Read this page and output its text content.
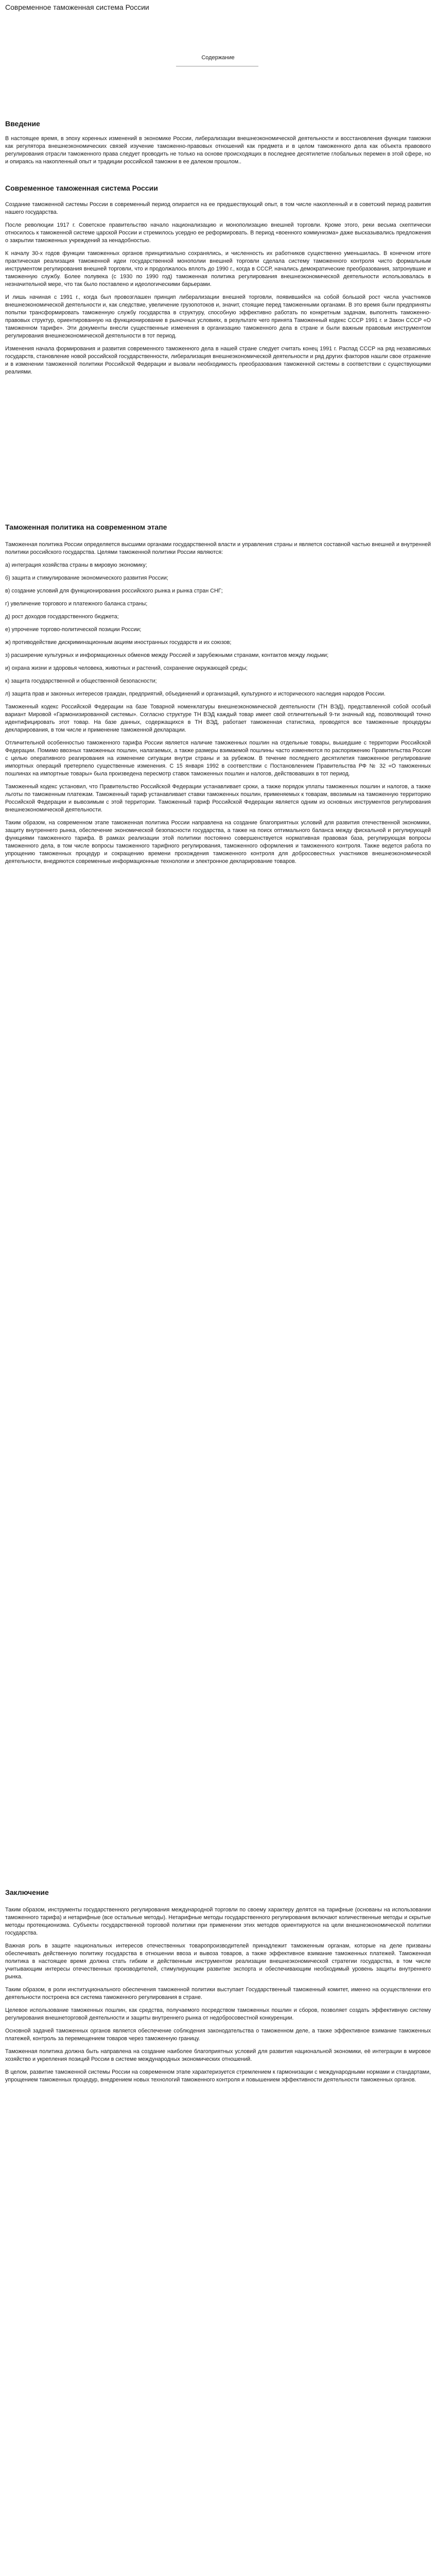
Современное таможенная система России
Содержание
Введение

В настоящее время, в эпоху коренных изменений в экономике России, либерализации внешнеэкономической деятельности и восстановления функции таможни как регулятора внешнеэкономических связей изучение таможенно-правовых отношений как предмета и в целом таможенного дела как объекта правового регулирования отрасли таможенного права следует проводить не только на основе происходящих в последнее десятилетие глобальных перемен в этой сфере, но и опираясь на накопленный опыт и традиции российской таможни в ее далеком прошлом..

Современное таможенная система России

Создание таможенной системы России в современный период опирается на ее предшествующий опыт, в том числе накопленный и в советский период развития нашего государства.

После революции 1917 г. Советское правительство начало национализацию и монополизацию внешней торговли. Кроме этого, реки весьма скептически относилось к таможенной системе царской России и стремилось усердно ее реформировать. В период «военного коммунизма» даже высказывались предложения о закрытии таможенных учреждений за ненадобностью.

К началу 30-х годов функции таможенных органов принципиально сохранялись, и численность их работников существенно уменьшилась. В конечном итоге практическая реализация таможенной идеи государственной монополии внешней торговли сделала систему таможенного контроля чисто формальным инструментом регулирования внешней торговли, что и продолжалось вплоть до 1990 г., когда в СССР, начались демократические преобразования, затронувшие и таможенную службу. Более полувека (с 1930 по 1990 год) таможенная политика регулирования внешнеэкономической деятельности использовалась в незначительной мере, что так было поставлено и идеологическими барьерами.

И лишь начиная с 1991 г., когда был провозглашен принцип либерализации внешней торговли, появившийся на собой большой рост числа участников внешнеэкономической деятельности и, как следствие, увеличение грузопотоков и, значит, стоящие перед таможенными органами. В это время были предприняты попытки трансформировать таможенную службу государства в структуру, способную эффективно работать по конкретным задачам, выполнять таможенно-правовых структур, ориентированную на функционирование в рыночных условиях, в результате чего принята Таможенный кодекс СССР 1991 г. и Закон СССР «О таможенном тарифе». Эти документы внесли существенные изменения в организацию таможенного дела в стране и были важным правовым инструментом регулирования внешнеэкономической деятельности в тот период.

Изменения начала формирования и развития современного таможенного дела в нашей стране следует считать конец 1991 г. Распад СССР на ряд независимых государств, становление новой российской государственности, либерализация внешнеэкономической деятельности и ряд других факторов нашли свое отражение и в изменении таможенной политики Российской Федерации и вызвали необходимость преобразования таможенной системы в соответствии с существующими реалиями.

Таможенная политика на современном этапе

Таможенная политика России определяется высшими органами государственной власти и управления страны и является составной частью внешней и внутренней политики российского государства. Целями таможенной политики России являются:

а) интеграция хозяйства страны в мировую экономику;

б) защита и стимулирование экономического развития России;

в) создание условий для функционирования российского рынка и рынка стран СНГ;

г) увеличение торгового и платежного баланса страны;

д) рост доходов государственного бюджета;

е) упрочение торгово-политической позиции России;

ж) противодействие дискриминационным акциям иностранных государств и их союзов;

з) расширение культурных и информационных обменов между Россией и зарубежными странами, контактов между людьми;

и) охрана жизни и здоровья человека, животных и растений, сохранение окружающей среды;

к) защита государственной и общественной безопасности;

л) защита прав и законных интересов граждан, предприятий, объединений и организаций, культурного и исторического наследия народов России.

Таможенный кодекс Российской Федерации на базе Товарной номенклатуры внешнеэкономической деятельности (ТН ВЭД), представленной собой особый вариант Мировой «Гармонизированной системы». Согласно структуре ТН ВЭД каждый товар имеет свой отличительный 9-ти значный код, позволяющий точно идентифицировать этот товар. На базе данных, содержащихся в ТН ВЭД, работает таможенная статистика, проводятся все таможенные процедуры декларирования, в том числе и применение таможенной декларации.

Отличительной особенностью таможенного тарифа России является наличие таможенных пошлин на отдельные товары, вышедшие с территории Российской Федерации. Помимо ввозных таможенных пошлин, налагаемых, а также размеры взимаемой пошлины часто изменяются по распоряжению Правительства России с целью оперативного реагирования на изменение ситуации внутри страны и за рубежом. В течение последнего десятилетия таможенное регулирование импортных операций претерпело существенные изменения. С 15 января 1992 в соответствии с Постановлением Правительства РФ № 32 «О таможенных пошлинах на импортные товары» была произведена пересмотр ставок таможенных пошлин и налогов, действовавших в тот период.

Таможенный кодекс установил, что Правительство Российской Федерации устанавливает сроки, а также порядок уплаты таможенных пошлин и налогов, а также льготы по таможенным платежам. Таможенный тариф устанавливает ставки таможенных пошлин, применяемых к товарам, ввозимым на таможенную территорию Российской Федерации и вывозимым с этой территории. Таможенный тариф Российской Федерации является одним из основных инструментов регулирования внешнеэкономической деятельности.

Таким образом, на современном этапе таможенная политика России направлена на создание благоприятных условий для развития отечественной экономики, защиту внутреннего рынка, обеспечение экономической безопасности государства, а также на поиск оптимального баланса между фискальной и регулирующей функциями таможенного тарифа. В рамках реализации этой политики постоянно совершенствуется нормативная правовая база, регулирующая вопросы таможенного дела, в том числе вопросы таможенного тарифного регулирования, таможенного оформления и таможенного контроля. Также ведется работа по упрощению таможенных процедур и сокращению времени прохождения таможенного контроля для добросовестных участников внешнеэкономической деятельности, внедряются современные информационные технологии и электронное декларирование товаров.

Заключение

Таким образом, инструменты государственного регулирования международной торговли по своему характеру делятся на тарифные (основаны на использовании таможенного тарифа) и нетарифные (все остальные методы). Нетарифные методы государственного регулирования включают количественные методы и скрытые методы протекционизма. Субъекты государственной торговой политики при применении этих методов ориентируются на цели внешнеэкономической политики государства.

Важная роль в защите национальных интересов отечественных товаропроизводителей принадлежит таможенным органам, которые на деле призваны обеспечивать действенную политику государства в отношении ввоза и вывоза товаров, а также эффективное взимание таможенных платежей. Таможенная политика в настоящее время должна стать гибким и действенным инструментом реализации внешнеэкономической стратегии государства, в том числе учитывающим интересы отечественных производителей, стимулирующим развитие экспорта и обеспечивающим необходимый уровень защиты внутреннего рынка.

Таким образом, в роли институционального обеспечения таможенной политики выступает Государственный таможенный комитет, именно на осуществлении его деятельности построена вся система таможенного регулирования в стране.

Целевое использование таможенных пошлин, как средства, получаемого посредством таможенных пошлин и сборов, позволяет создать эффективную систему регулирования внешнеторговой деятельности и защиты внутреннего рынка от недобросовестной конкуренции.

Основной задачей таможенных органов является обеспечение соблюдения законодательства о таможенном деле, а также эффективное взимание таможенных платежей, контроль за перемещением товаров через таможенную границу.

Таможенная политика должна быть направлена на создание наиболее благоприятных условий для развития национальной экономики, её интеграции в мировое хозяйство и укрепления позиций России в системе международных экономических отношений.

В целом, развитие таможенной системы России на современном этапе характеризуется стремлением к гармонизации с международными нормами и стандартами, упрощением таможенных процедур, внедрением новых технологий таможенного контроля и повышением эффективности деятельности таможенных органов.
